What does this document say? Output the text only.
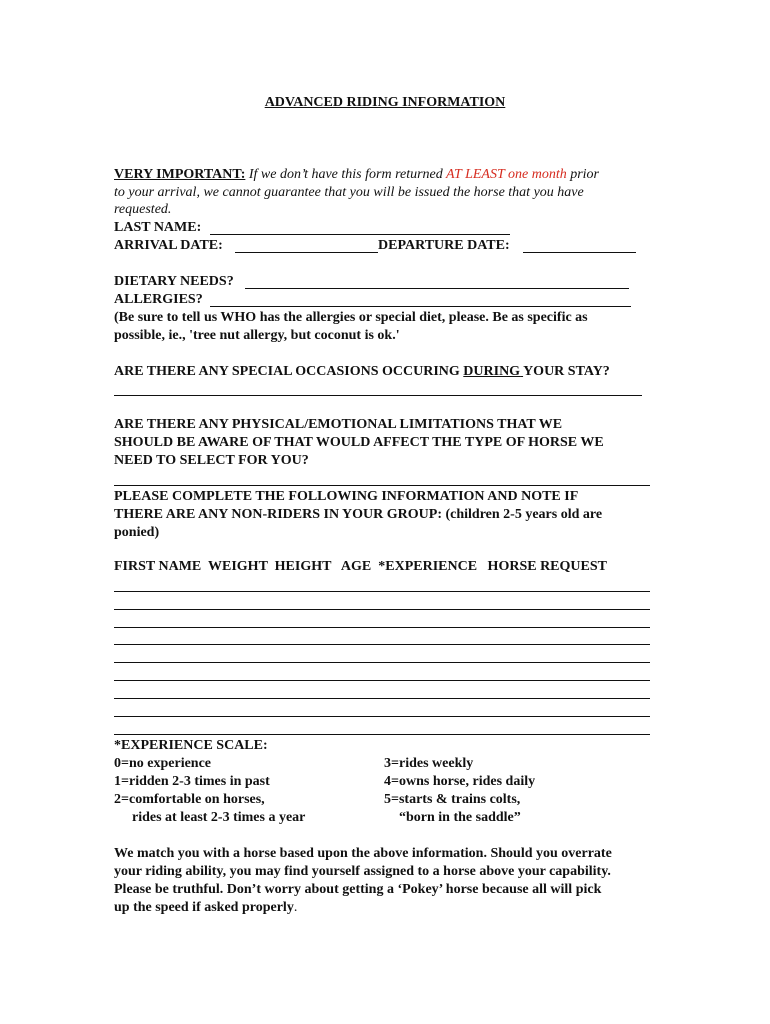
ADVANCED RIDING INFORMATION
VERY IMPORTANT: If we don’t have this form returned AT LEAST one month prior
to your arrival, we cannot guarantee that you will be issued the horse that you have
requested.
LAST NAME:
ARRIVAL DATE:	DEPARTURE DATE:
DIETARY NEEDS?
ALLERGIES?
(Be sure to tell us WHO has the allergies or special diet, please. Be as specific as
possible, ie., 'tree nut allergy, but coconut is ok.'
ARE THERE ANY SPECIAL OCCASIONS OCCURING DURING YOUR STAY?
ARE THERE ANY PHYSICAL/EMOTIONAL LIMITATIONS THAT WE
SHOULD BE AWARE OF THAT WOULD AFFECT THE TYPE OF HORSE WE
NEED TO SELECT FOR YOU?
PLEASE COMPLETE THE FOLLOWING INFORMATION AND NOTE IF
THERE ARE ANY NON-RIDERS IN YOUR GROUP: (children 2-5 years old are
ponied)
FIRST NAME  WEIGHT  HEIGHT   AGE  *EXPERIENCE   HORSE REQUEST
*EXPERIENCE SCALE:
0=no experience
1=ridden 2-3 times in past
2=comfortable on horses,
rides at least 2-3 times a year
3=rides weekly
4=owns horse, rides daily
5=starts & trains colts,
“born in the saddle”
We match you with a horse based upon the above information. Should you overrate
your riding ability, you may find yourself assigned to a horse above your capability.
Please be truthful. Don’t worry about getting a ‘Pokey’ horse because all will pick
up the speed if asked properly.
